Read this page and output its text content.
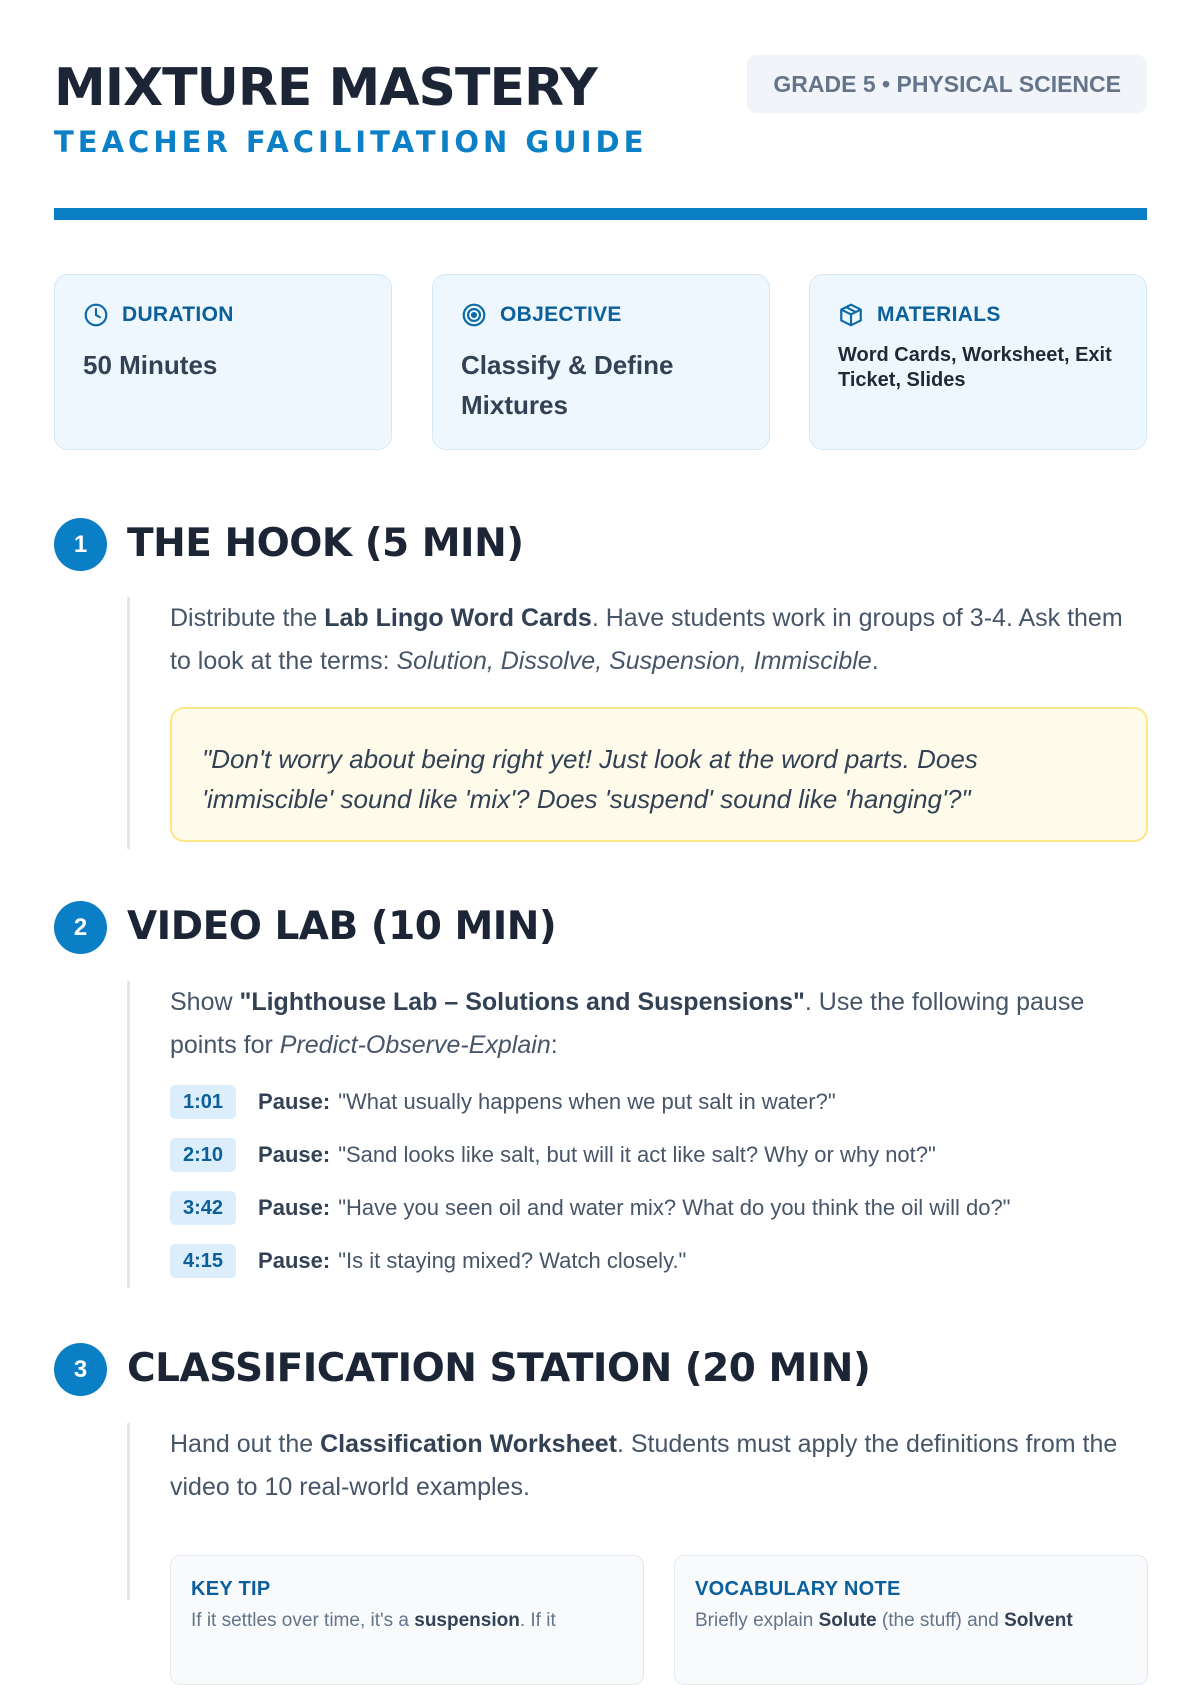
MIXTURE MASTERY
TEACHER FACILITATION GUIDE
GRADE 5 • PHYSICAL SCIENCE
DURATION
50 Minutes
OBJECTIVE
Classify & Define Mixtures
MATERIALS
Word Cards, Worksheet, Exit Ticket, Slides
1	THE HOOK (5 MIN)

Distribute the Lab Lingo Word Cards. Have students work in groups of 3-4. Ask them to look at the terms: Solution, Dissolve, Suspension, Immiscible.

"Don't worry about being right yet! Just look at the word parts. Does 'immiscible' sound like 'mix'? Does 'suspend' sound like 'hanging'?"

2	VIDEO LAB (10 MIN)

Show "Lighthouse Lab – Solutions and Suspensions". Use the following pause points for Predict-Observe-Explain:

1:01	Pause: "What usually happens when we put salt in water?"
2:10	Pause: "Sand looks like salt, but will it act like salt? Why or why not?"
3:42	Pause: "Have you seen oil and water mix? What do you think the oil will do?"
4:15	Pause: "Is it staying mixed? Watch closely."
3	CLASSIFICATION STATION (20 MIN)

Hand out the Classification Worksheet. Students must apply the definitions from the video to 10 real-world examples.

KEY TIP
If it settles over time, it's a suspension. If it
VOCABULARY NOTE
Briefly explain Solute (the stuff) and Solvent
